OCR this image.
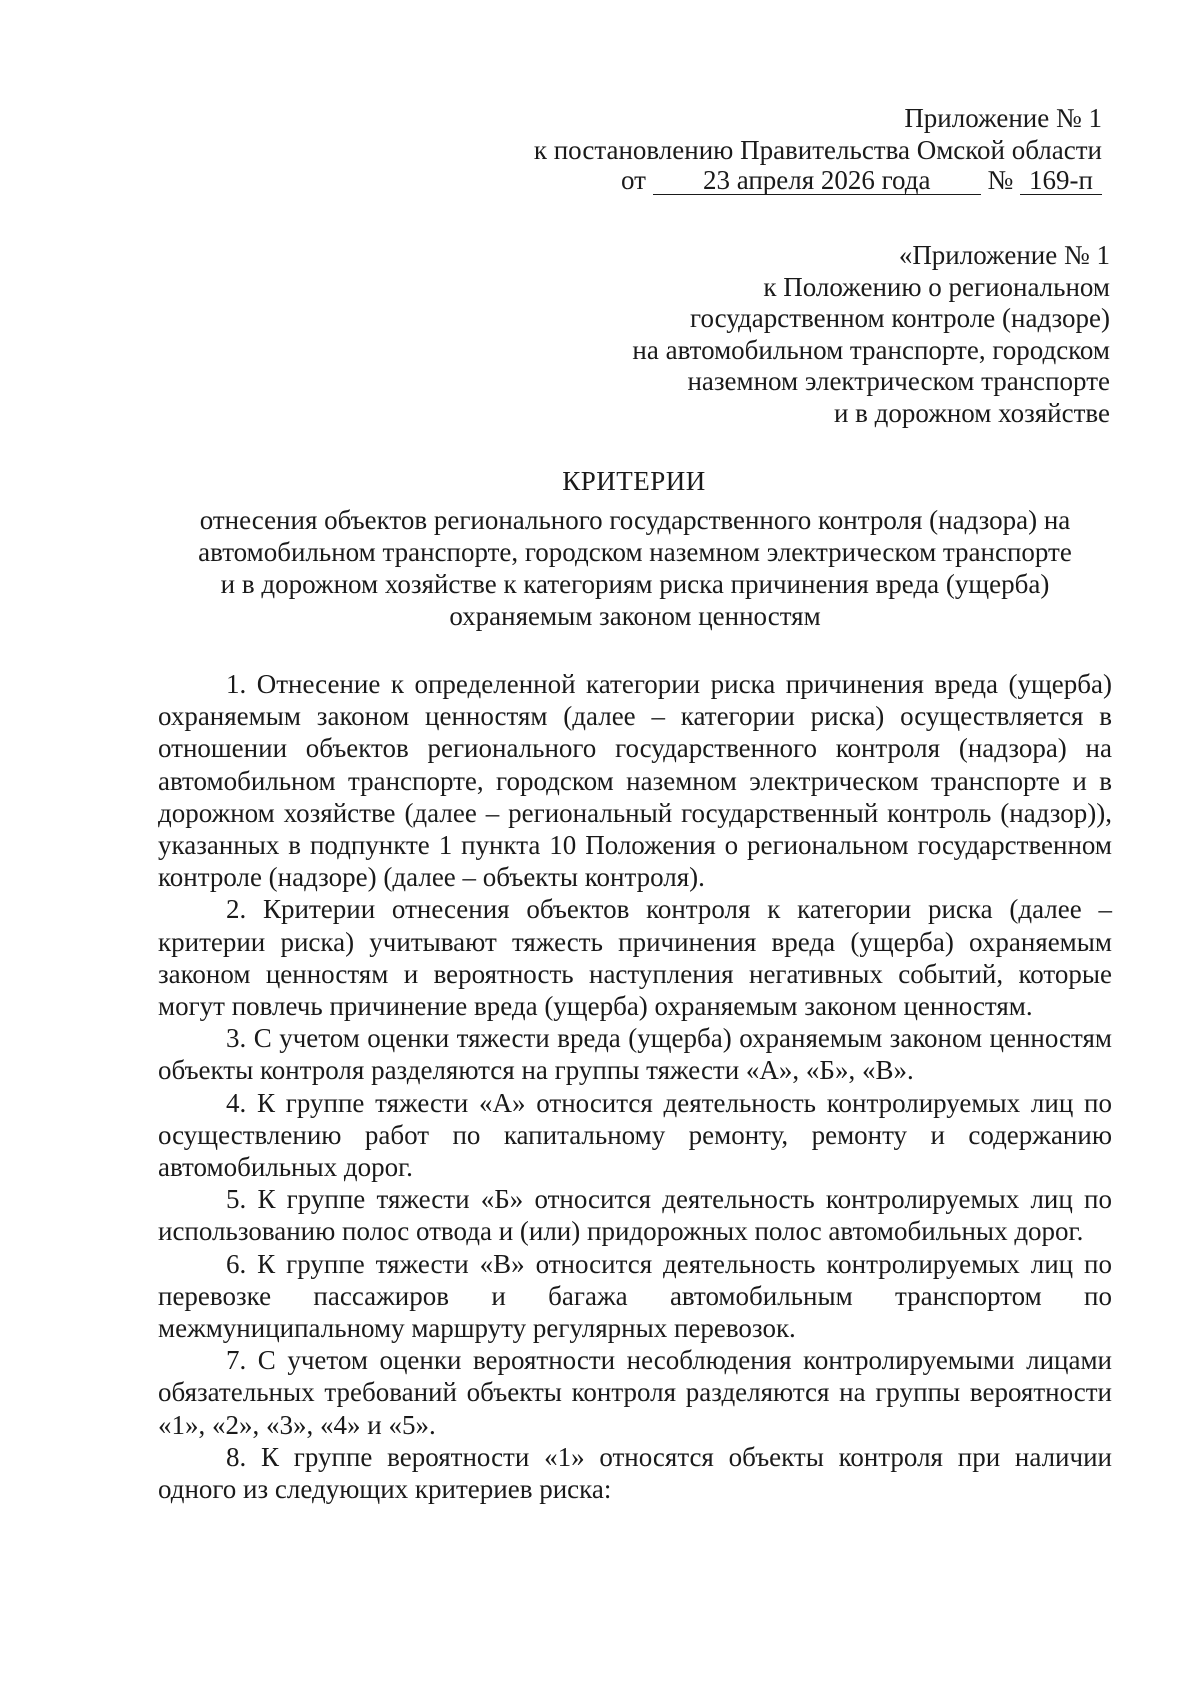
Приложение № 1
к постановлению Правительства Омской области
от 23 апреля 2026 года № 169-п
«Приложение № 1
к Положению о региональном
государственном контроле (надзоре)
на автомобильном транспорте, городском
наземном электрическом транспорте
и в дорожном хозяйстве
КРИТЕРИИ
отнесения объектов регионального государственного контроля (надзора) на
автомобильном транспорте, городском наземном электрическом транспорте
и в дорожном хозяйстве к категориям риска причинения вреда (ущерба)
охраняемым законом ценностям

1. Отнесение к определенной категории риска причинения вреда (ущерба) охраняемым законом ценностям (далее – категории риска) осуществляется в отношении объектов регионального государственного контроля (надзора) на автомобильном транспорте, городском наземном электрическом транспорте и в дорожном хозяйстве (далее – региональный государственный контроль (надзор)), указанных в подпункте 1 пункта 10 Положения о региональном государственном контроле (надзоре) (далее – объекты контроля).

2. Критерии отнесения объектов контроля к категории риска (далее – критерии риска) учитывают тяжесть причинения вреда (ущерба) охраняемым законом ценностям и вероятность наступления негативных событий, которые могут повлечь причинение вреда (ущерба) охраняемым законом ценностям.

3. С учетом оценки тяжести вреда (ущерба) охраняемым законом ценностям объекты контроля разделяются на группы тяжести «А», «Б», «В».

4. К группе тяжести «А» относится деятельность контролируемых лиц по осуществлению работ по капитальному ремонту, ремонту и содержанию автомобильных дорог.

5. К группе тяжести «Б» относится деятельность контролируемых лиц по использованию полос отвода и (или) придорожных полос автомобильных дорог.

6. К группе тяжести «В» относится деятельность контролируемых лиц по перевозке пассажиров и багажа автомобильным транспортом по межмуниципальному маршруту регулярных перевозок.

7. С учетом оценки вероятности несоблюдения контролируемыми лицами обязательных требований объекты контроля разделяются на группы вероятности «1», «2», «3», «4» и «5».

8. К группе вероятности «1» относятся объекты контроля при наличии одного из следующих критериев риска:
